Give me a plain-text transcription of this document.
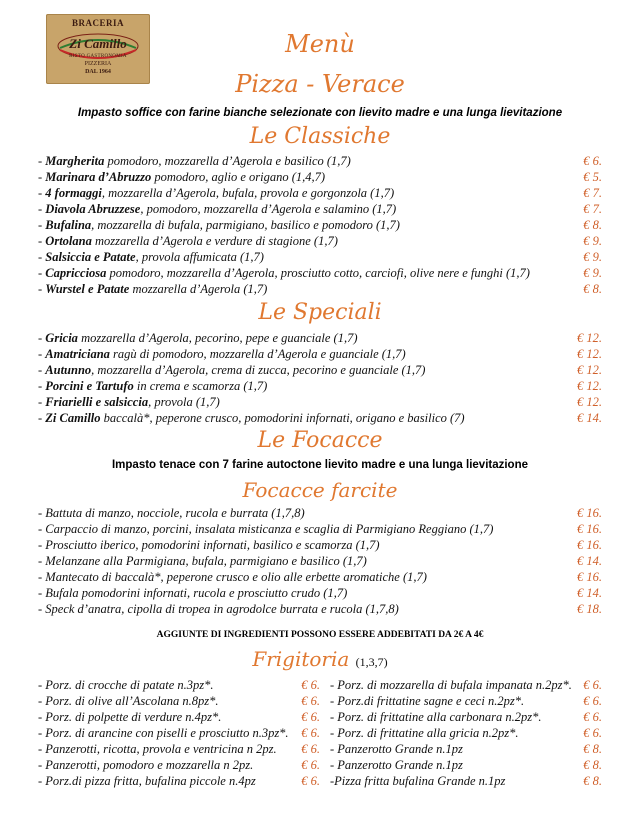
BRACERIA
Zi Camillo
RISTO GASTRONOMIA
PIZZERIA
DAL 1964
Menù
Pizza - Verace
Impasto soffice con farine bianche selezionate con lievito madre e una lunga lievitazione
Le Classiche
- Margherita pomodoro, mozzarella d’Agerola e basilico (1,7)	€ 6.
- Marinara d’Abruzzo pomodoro, aglio e origano (1,4,7)	€ 5.
- 4 formaggi, mozzarella d’Agerola, bufala, provola e gorgonzola (1,7)	€ 7.
- Diavola Abruzzese, pomodoro, mozzarella d’Agerola e salamino (1,7)	€ 7.
- Bufalina, mozzarella di bufala, parmigiano, basilico e pomodoro (1,7)	€ 8.
- Ortolana mozzarella d’Agerola e verdure di stagione (1,7)	€ 9.
- Salsiccia e Patate, provola affumicata (1,7)	€ 9.
- Capricciosa pomodoro, mozzarella d’Agerola, prosciutto cotto, carciofi, olive nere e funghi (1,7)	€ 9.
- Wurstel e Patate mozzarella d’Agerola (1,7)	€ 8.
Le Speciali
- Gricia mozzarella d’Agerola, pecorino, pepe e guanciale (1,7)	€ 12.
- Amatriciana ragù di pomodoro, mozzarella d’Agerola e guanciale (1,7)	€ 12.
- Autunno, mozzarella d’Agerola, crema di zucca, pecorino e guanciale (1,7)	€ 12.
- Porcini e Tartufo in crema e scamorza (1,7)	€ 12.
- Friarielli e salsiccia, provola (1,7)	€ 12.
- Zi Camillo baccalà*, peperone crusco, pomodorini infornati, origano e basilico (7)	€ 14.
Le Focacce
Impasto tenace con 7 farine autoctone lievito madre e una lunga lievitazione
Focacce farcite
- Battuta di manzo, nocciole, rucola e burrata (1,7,8)	€ 16.
- Carpaccio di manzo, porcini, insalata misticanza e scaglia di Parmigiano Reggiano (1,7)	€ 16.
- Prosciutto iberico, pomodorini infornati, basilico e scamorza (1,7)	€ 16.
- Melanzane alla Parmigiana, bufala, parmigiano e basilico (1,7)	€ 14.
- Mantecato di baccalà*, peperone crusco e olio alle erbette aromatiche (1,7)	€ 16.
- Bufala pomodorini infornati, rucola e prosciutto crudo (1,7)	€ 14.
- Speck d’anatra, cipolla di tropea in agrodolce burrata e rucola (1,7,8)	€ 18.
AGGIUNTE DI INGREDIENTI POSSONO ESSERE ADDEBITATI DA 2€ A 4€
Frigitoria (1,3,7)
- Porz. di crocche di patate n.3pz*.	€ 6.
- Porz. di olive all’Ascolana n.8pz*.	€ 6.
- Porz. di polpette di verdure n.4pz*.	€ 6.
- Porz. di arancine con piselli e prosciutto n.3pz*. € 6.
- Panzerotti, ricotta, provola e ventricina n 2pz. € 6.
- Panzerotti, pomodoro e mozzarella n 2pz.	€ 6.
- Porz.di pizza fritta, bufalina piccole n.4pz	€ 6.
- Porz. di mozzarella di bufala impanata n.2pz*. € 6.
- Porz.di frittatine sagne e ceci n.2pz*.	€ 6.
- Porz. di frittatine alla carbonara n.2pz*.	€ 6.
- Porz. di frittatine alla gricia n.2pz*.	€ 6.
- Panzerotto Grande n.1pz	€ 8.
- Panzerotto Grande n.1pz	€ 8.
-Pizza fritta bufalina Grande n.1pz	€ 8.
